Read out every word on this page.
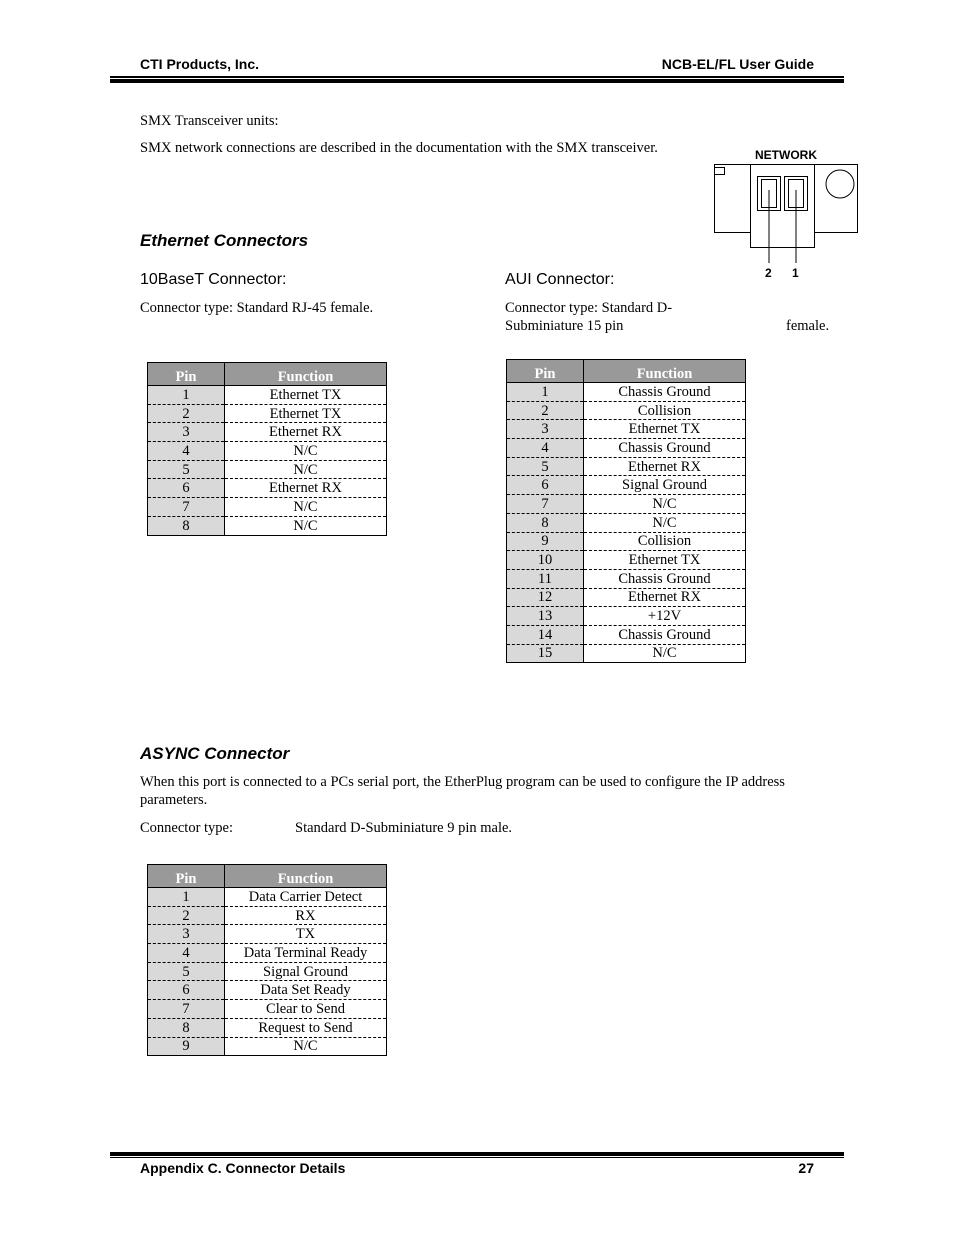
CTI Products, Inc.	NCB-EL/FL User Guide
SMX Transceiver units:
SMX network connections are described in the documentation with the SMX transceiver.	NETWORK
2 1
Ethernet Connectors
10BaseT Connector:
Connector type: Standard RJ-45 female.
AUI Connector:
Connector type: Standard D-
Subminiature 15 pin	female.
Pin	Function
1	Ethernet TX
2	Ethernet TX
3	Ethernet RX
4	N/C
5	N/C
6	Ethernet RX
7	N/C
8	N/C
Pin	Function
1	Chassis Ground
2	Collision
3	Ethernet TX
4	Chassis Ground
5	Ethernet RX
6	Signal Ground
7	N/C
8	N/C
9	Collision
10	Ethernet TX
11	Chassis Ground
12	Ethernet RX
13	+12V
14	Chassis Ground
15	N/C
ASYNC Connector
When this port is connected to a PCs serial port, the EtherPlug program can be used to configure the IP address
parameters.
Connector type:	Standard D-Subminiature 9 pin male.
Pin	Function
1	Data Carrier Detect
2	RX
3	TX
4	Data Terminal Ready
5	Signal Ground
6	Data Set Ready
7	Clear to Send
8	Request to Send
9	N/C
Appendix C. Connector Details	27
